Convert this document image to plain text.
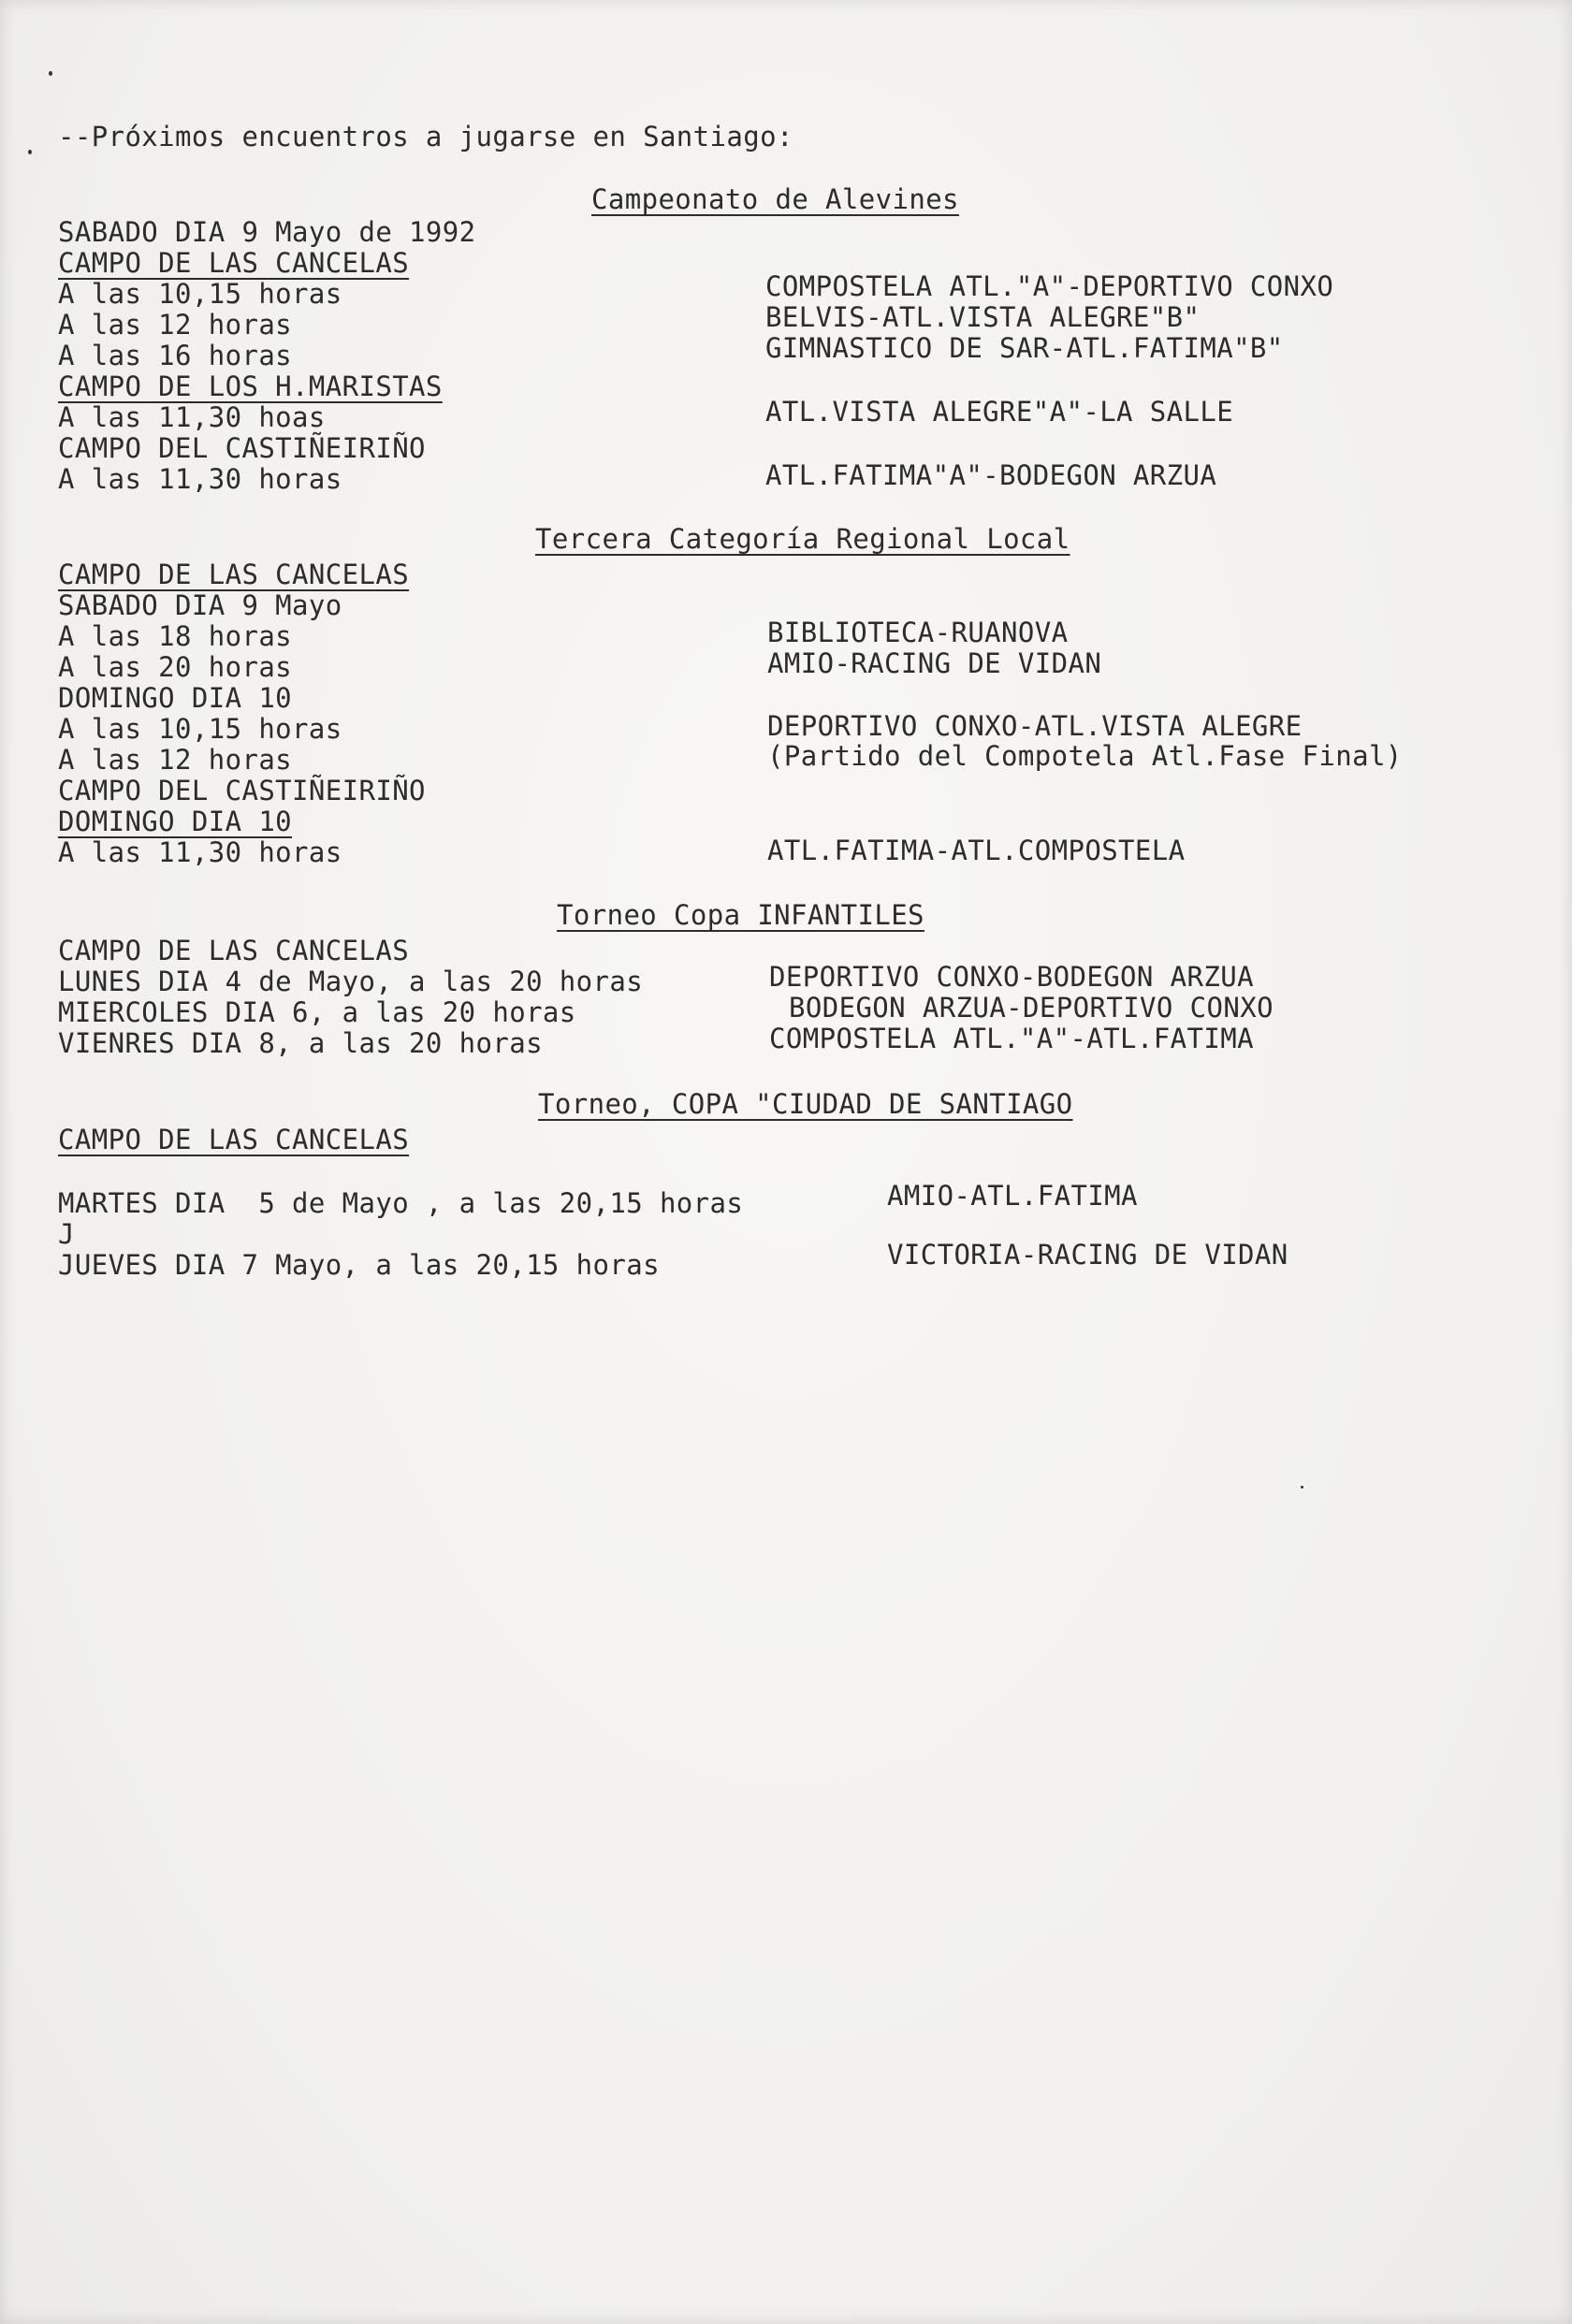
--Próximos encuentros a jugarse en Santiago:
Campeonato de Alevines
SABADO DIA 9 Mayo de 1992
CAMPO DE LAS CANCELAS
A las 10,15 horas
A las 12 horas
A las 16 horas
CAMPO DE LOS H.MARISTAS
A las 11,30 hoas
CAMPO DEL CASTIÑEIRIÑO
A las 11,30 horas
COMPOSTELA ATL."A"-DEPORTIVO CONXO
BELVIS-ATL.VISTA ALEGRE"B"
GIMNASTICO DE SAR-ATL.FATIMA"B"
ATL.VISTA ALEGRE"A"-LA SALLE
ATL.FATIMA"A"-BODEGON ARZUA
Tercera Categoría Regional Local
CAMPO DE LAS CANCELAS
SABADO DIA 9 Mayo
A las 18 horas
A las 20 horas
DOMINGO DIA 10
A las 10,15 horas
A las 12 horas
CAMPO DEL CASTIÑEIRIÑO
DOMINGO DIA 10
A las 11,30 horas
BIBLIOTECA-RUANOVA
AMIO-RACING DE VIDAN
DEPORTIVO CONXO-ATL.VISTA ALEGRE
(Partido del Compotela Atl.Fase Final)
ATL.FATIMA-ATL.COMPOSTELA
Torneo Copa INFANTILES
CAMPO DE LAS CANCELAS
LUNES DIA 4 de Mayo, a las 20 horas
MIERCOLES DIA 6, a las 20 horas
VIENRES DIA 8, a las 20 horas
DEPORTIVO CONXO-BODEGON ARZUA
BODEGON ARZUA-DEPORTIVO CONXO
COMPOSTELA ATL."A"-ATL.FATIMA
Torneo, COPA "CIUDAD DE SANTIAGO
CAMPO DE LAS CANCELAS
MARTES DIA  5 de Mayo , a las 20,15 horas
J
JUEVES DIA 7 Mayo, a las 20,15 horas
AMIO-ATL.FATIMA
VICTORIA-RACING DE VIDAN
